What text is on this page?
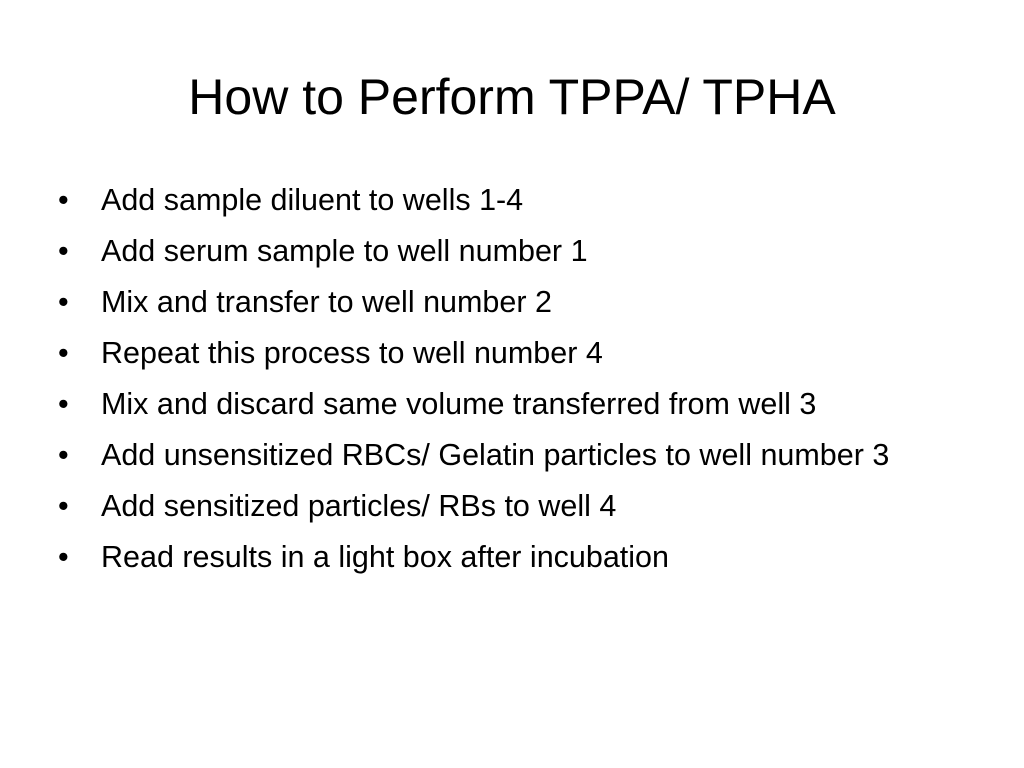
How to Perform TPPA/ TPHA
•	Add sample diluent to wells 1-4
•	Add serum sample to well number 1
•	Mix and transfer to well number 2
•	Repeat this process to well number 4
•	Mix and discard same volume transferred from well 3
•	Add unsensitized RBCs/ Gelatin particles to well number 3
•	Add sensitized particles/ RBs to well 4
•	Read results in a light box after incubation
